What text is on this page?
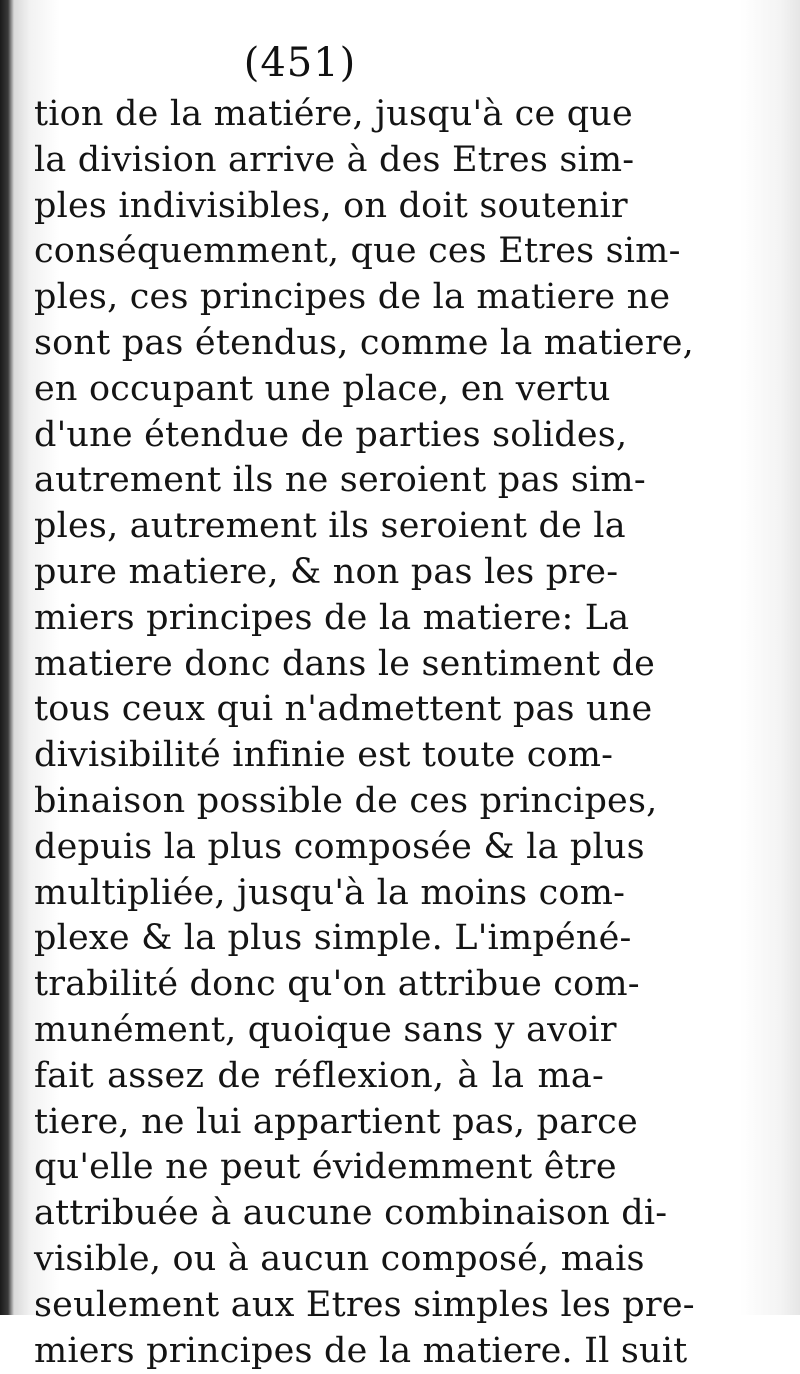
(451)
tion de la matiére, jusqu'à ce que
la division arrive à des Etres sim-
ples indivisibles, on doit soutenir
conséquemment, que ces Etres sim-
ples, ces principes de la matiere ne
sont pas étendus, comme la matiere,
en occupant une place, en vertu
d'une étendue de parties solides,
autrement ils ne seroient pas sim-
ples, autrement ils seroient de la
pure matiere, & non pas les pre-
miers principes de la matiere: La
matiere donc dans le sentiment de
tous ceux qui n'admettent pas une
divisibilité infinie est toute com-
binaison possible de ces principes,
depuis la plus composée & la plus
multipliée, jusqu'à la moins com-
plexe & la plus simple. L'impéné-
trabilité donc qu'on attribue com-
munément, quoique sans y avoir
fait assez de réflexion, à la ma-
tiere, ne lui appartient pas, parce
qu'elle ne peut évidemment être
attribuée à aucune combinaison di-
visible, ou à aucun composé, mais
seulement aux Etres simples les pre-
miers principes de la matiere. Il suit
